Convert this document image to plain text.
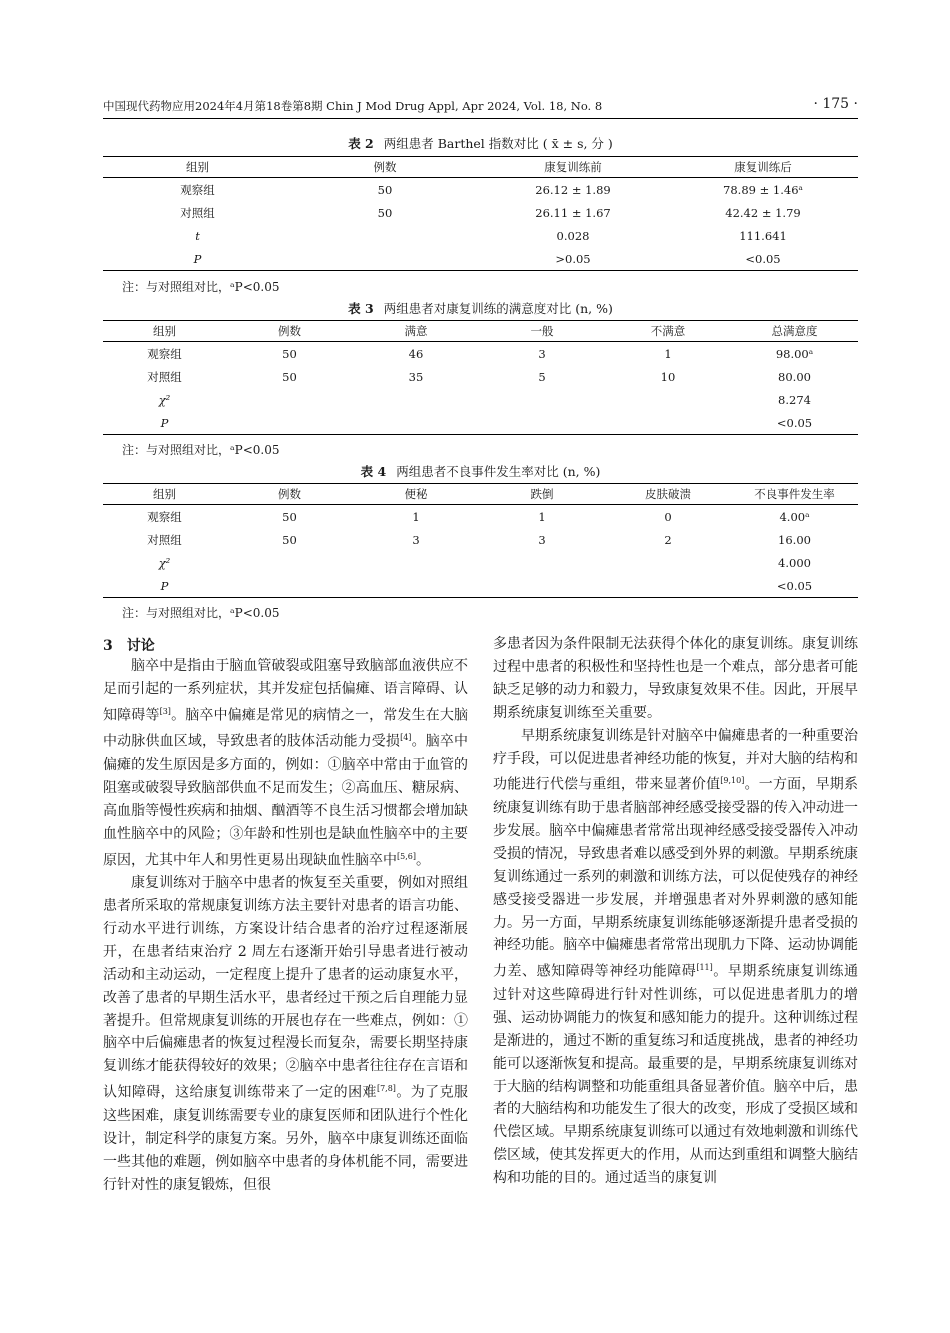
中国现代药物应用2024年4月第18卷第8期 Chin J Mod Drug Appl, Apr 2024, Vol. 18, No. 8	· 175 ·
表 2 两组患者 Barthel 指数对比 ( x̄ ± s, 分 )
组别	例数	康复训练前	康复训练后
观察组	50	26.12 ± 1.89	78.89 ± 1.46ᵃ
对照组	50	26.11 ± 1.67	42.42 ± 1.79
t		0.028	111.641
P		>0.05	<0.05
注：与对照组对比，ᵃP<0.05
表 3 两组患者对康复训练的满意度对比 (n, %)
组别	例数	满意	一般	不满意	总满意度
观察组	50	46	3	1	98.00ᵃ
对照组	50	35	5	10	80.00
χ²					8.274
P					<0.05
注：与对照组对比，ᵃP<0.05
表 4 两组患者不良事件发生率对比 (n, %)
组别	例数	便秘	跌倒	皮肤破溃	不良事件发生率
观察组	50	1	1	0	4.00ᵃ
对照组	50	3	3	2	16.00
χ²					4.000
P					<0.05
注：与对照组对比，ᵃP<0.05
3　讨论

脑卒中是指由于脑血管破裂或阻塞导致脑部血液供应不足而引起的一系列症状，其并发症包括偏瘫、语言障碍、认知障碍等[3]。脑卒中偏瘫是常见的病情之一，常发生在大脑中动脉供血区域，导致患者的肢体活动能力受损[4]。脑卒中偏瘫的发生原因是多方面的，例如：①脑卒中常由于血管的阻塞或破裂导致脑部供血不足而发生；②高血压、糖尿病、高血脂等慢性疾病和抽烟、酗酒等不良生活习惯都会增加缺血性脑卒中的风险；③年龄和性别也是缺血性脑卒中的主要原因，尤其中年人和男性更易出现缺血性脑卒中[5,6]。

康复训练对于脑卒中患者的恢复至关重要，例如对照组患者所采取的常规康复训练方法主要针对患者的语言功能、行动水平进行训练，方案设计结合患者的治疗过程逐渐展开，在患者结束治疗 2 周左右逐渐开始引导患者进行被动活动和主动运动，一定程度上提升了患者的运动康复水平，改善了患者的早期生活水平，患者经过干预之后自理能力显著提升。但常规康复训练的开展也存在一些难点，例如：①脑卒中后偏瘫患者的恢复过程漫长而复杂，需要长期坚持康复训练才能获得较好的效果；②脑卒中患者往往存在言语和认知障碍，这给康复训练带来了一定的困难[7,8]。为了克服这些困难，康复训练需要专业的康复医师和团队进行个性化设计，制定科学的康复方案。另外，脑卒中康复训练还面临一些其他的难题，例如脑卒中患者的身体机能不同，需要进行针对性的康复锻炼，但很

多患者因为条件限制无法获得个体化的康复训练。康复训练过程中患者的积极性和坚持性也是一个难点，部分患者可能缺乏足够的动力和毅力，导致康复效果不佳。因此，开展早期系统康复训练至关重要。

早期系统康复训练是针对脑卒中偏瘫患者的一种重要治疗手段，可以促进患者神经功能的恢复，并对大脑的结构和功能进行代偿与重组，带来显著价值[9,10]。一方面，早期系统康复训练有助于患者脑部神经感受接受器的传入冲动进一步发展。脑卒中偏瘫患者常常出现神经感受接受器传入冲动受损的情况，导致患者难以感受到外界的刺激。早期系统康复训练通过一系列的刺激和训练方法，可以促使残存的神经感受接受器进一步发展，并增强患者对外界刺激的感知能力。另一方面，早期系统康复训练能够逐渐提升患者受损的神经功能。脑卒中偏瘫患者常常出现肌力下降、运动协调能力差、感知障碍等神经功能障碍[11]。早期系统康复训练通过针对这些障碍进行针对性训练，可以促进患者肌力的增强、运动协调能力的恢复和感知能力的提升。这种训练过程是渐进的，通过不断的重复练习和适度挑战，患者的神经功能可以逐渐恢复和提高。最重要的是，早期系统康复训练对于大脑的结构调整和功能重组具备显著价值。脑卒中后，患者的大脑结构和功能发生了很大的改变，形成了受损区域和代偿区域。早期系统康复训练可以通过有效地刺激和训练代偿区域，使其发挥更大的作用，从而达到重组和调整大脑结构和功能的目的。通过适当的康复训
